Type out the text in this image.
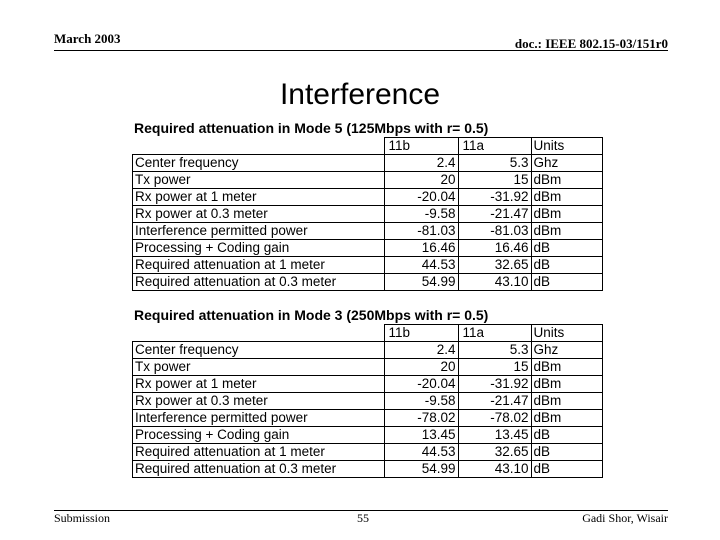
March 2003	doc.: IEEE 802.15-03/151r0
Interference
Required attenuation in Mode 5 (125Mbps with r= 0.5)
	11b	11a	Units
Center frequency	2.4	5.3	Ghz
Tx power	20	15	dBm
Rx power at 1 meter	-20.04	-31.92	dBm
Rx power at 0.3 meter	-9.58	-21.47	dBm
Interference permitted power	-81.03	-81.03	dBm
Processing + Coding gain	16.46	16.46	dB
Required attenuation at 1 meter	44.53	32.65	dB
Required attenuation at 0.3 meter	54.99	43.10	dB
Required attenuation in Mode 3 (250Mbps with r= 0.5)
	11b	11a	Units
Center frequency	2.4	5.3	Ghz
Tx power	20	15	dBm
Rx power at 1 meter	-20.04	-31.92	dBm
Rx power at 0.3 meter	-9.58	-21.47	dBm
Interference permitted power	-78.02	-78.02	dBm
Processing + Coding gain	13.45	13.45	dB
Required attenuation at 1 meter	44.53	32.65	dB
Required attenuation at 0.3 meter	54.99	43.10	dB
Submission	55	Gadi Shor, Wisair
